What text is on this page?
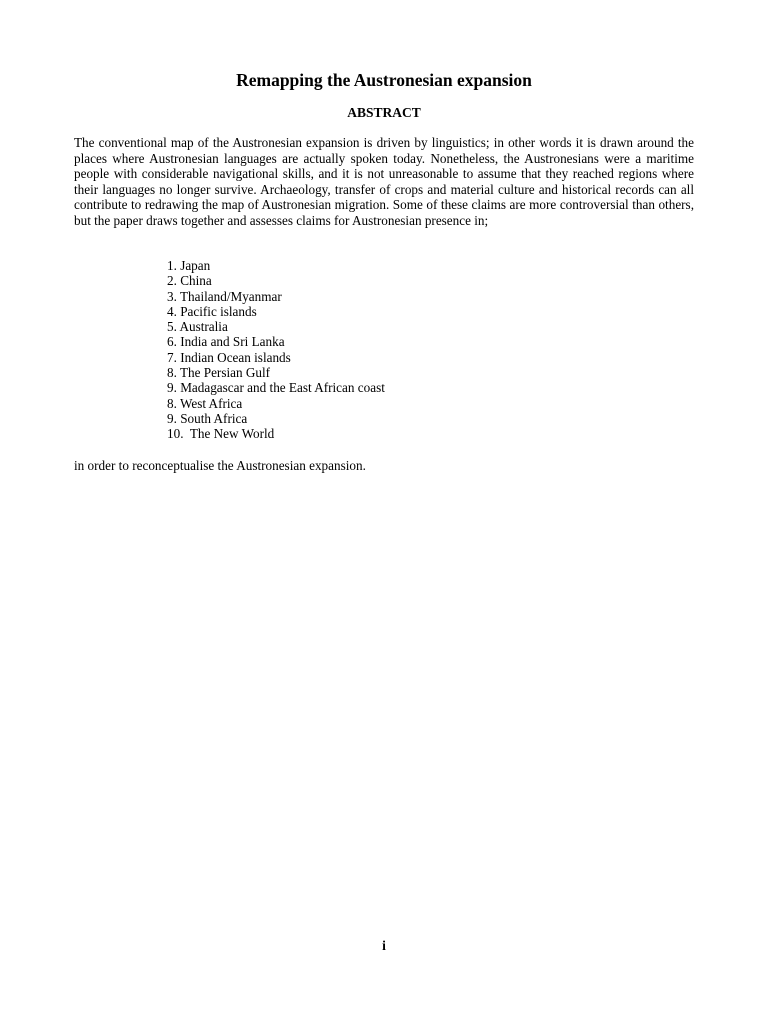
Remapping the Austronesian expansion
ABSTRACT

The conventional map of the Austronesian expansion is driven by linguistics; in other words it is drawn around the places where Austronesian languages are actually spoken today. Nonetheless, the Austronesians were a maritime people with considerable navigational skills, and it is not unreasonable to assume that they reached regions where their languages no longer survive. Archaeology, transfer of crops and material culture and historical records can all contribute to redrawing the map of Austronesian migration. Some of these claims are more controversial than others, but the paper draws together and assesses claims for Austronesian presence in;

1. Japan
2. China
3. Thailand/Myanmar
4. Pacific islands
5. Australia
6. India and Sri Lanka
7. Indian Ocean islands
8. The Persian Gulf
9. Madagascar and the East African coast
8. West Africa
9. South Africa
10.  The New World

in order to reconceptualise the Austronesian expansion.

i
